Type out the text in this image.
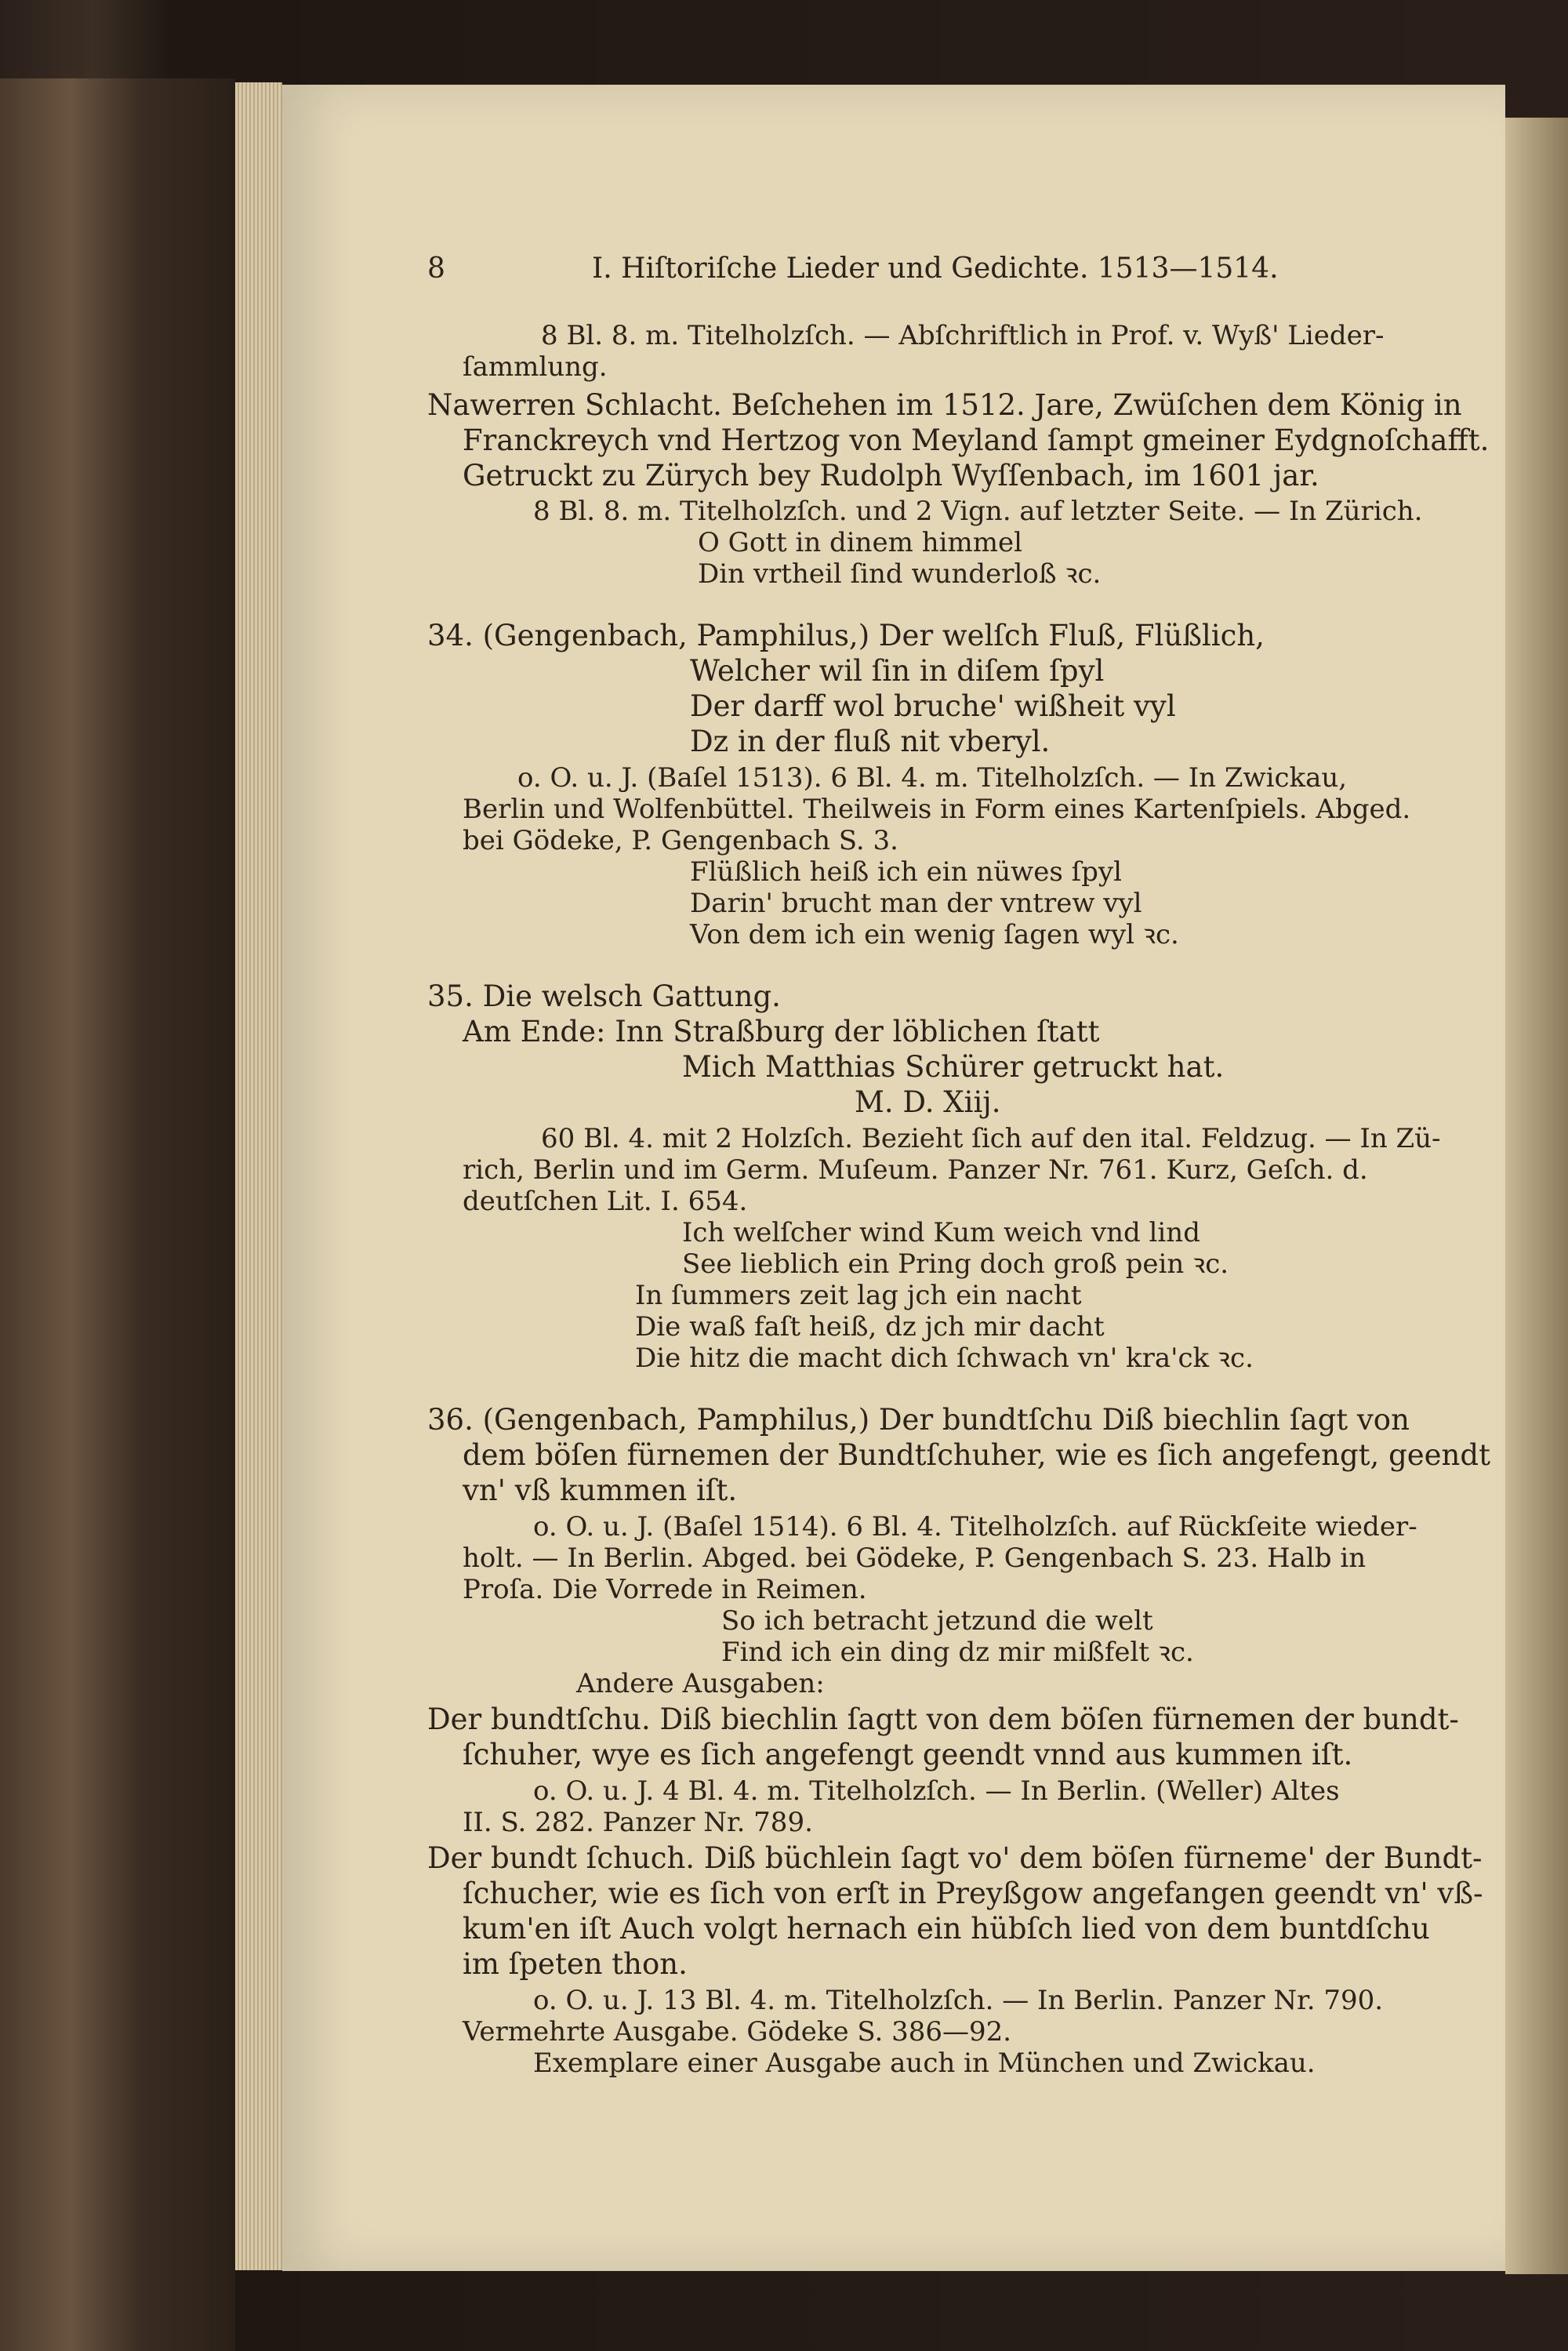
8	I. Hiſtoriſche Lieder und Gedichte. 1513—1514.
8 Bl. 8. m. Titelholzſch. — Abſchriftlich in Prof. v. Wyß' Lieder-
ſammlung.
Nawerren Schlacht. Beſchehen im 1512. Jare, Zwüſchen dem König in
Franckreych vnd Hertzog von Meyland ſampt gmeiner Eydgnoſchafft.
Getruckt zu Zürych bey Rudolph Wyſſenbach, im 1601 jar.
8 Bl. 8. m. Titelholzſch. und 2 Vign. auf letzter Seite. — In Zürich.
O Gott in dinem himmel
Din vrtheil ſind wunderloß ꝛc.
34. (Gengenbach, Pamphilus,) Der welſch Fluß, Flüßlich,
Welcher wil ſin in diſem ſpyl
Der darff wol bruche' wißheit vyl
Dz in der fluß nit vberyl.
o. O. u. J. (Baſel 1513). 6 Bl. 4. m. Titelholzſch. — In Zwickau,
Berlin und Wolfenbüttel. Theilweis in Form eines Kartenſpiels. Abged.
bei Gödeke, P. Gengenbach S. 3.
Flüßlich heiß ich ein nüwes ſpyl
Darin' brucht man der vntrew vyl
Von dem ich ein wenig ſagen wyl ꝛc.
35. Die welsch Gattung.
Am Ende: Inn Straßburg der löblichen ſtatt
Mich Matthias Schürer getruckt hat.
M. D. Xiij.
60 Bl. 4. mit 2 Holzſch. Bezieht ſich auf den ital. Feldzug. — In Zü-
rich, Berlin und im Germ. Muſeum. Panzer Nr. 761. Kurz, Geſch. d.
deutſchen Lit. I. 654.
Ich welſcher wind Kum weich vnd lind
See lieblich ein Pring doch groß pein ꝛc.
In ſummers zeit lag jch ein nacht
Die waß faſt heiß, dz jch mir dacht
Die hitz die macht dich ſchwach vn' kra'ck ꝛc.
36. (Gengenbach, Pamphilus,) Der bundtſchu Diß biechlin ſagt von
dem böſen fürnemen der Bundtſchuher, wie es ſich angefengt, geendt
vn' vß kummen iſt.
o. O. u. J. (Baſel 1514). 6 Bl. 4. Titelholzſch. auf Rückſeite wieder-
holt. — In Berlin. Abged. bei Gödeke, P. Gengenbach S. 23. Halb in
Proſa. Die Vorrede in Reimen.
So ich betracht jetzund die welt
Find ich ein ding dz mir mißfelt ꝛc.
Andere Ausgaben:
Der bundtſchu. Diß biechlin ſagtt von dem böſen fürnemen der bundt-
ſchuher, wye es ſich angefengt geendt vnnd aus kummen iſt.
o. O. u. J. 4 Bl. 4. m. Titelholzſch. — In Berlin. (Weller) Altes
II. S. 282. Panzer Nr. 789.
Der bundt ſchuch. Diß büchlein ſagt vo' dem böſen fürneme' der Bundt-
ſchucher, wie es ſich von erſt in Preyßgow angefangen geendt vn' vß-
kum'en iſt Auch volgt hernach ein hübſch lied von dem buntdſchu
im ſpeten thon.
o. O. u. J. 13 Bl. 4. m. Titelholzſch. — In Berlin. Panzer Nr. 790.
Vermehrte Ausgabe. Gödeke S. 386—92.
Exemplare einer Ausgabe auch in München und Zwickau.
